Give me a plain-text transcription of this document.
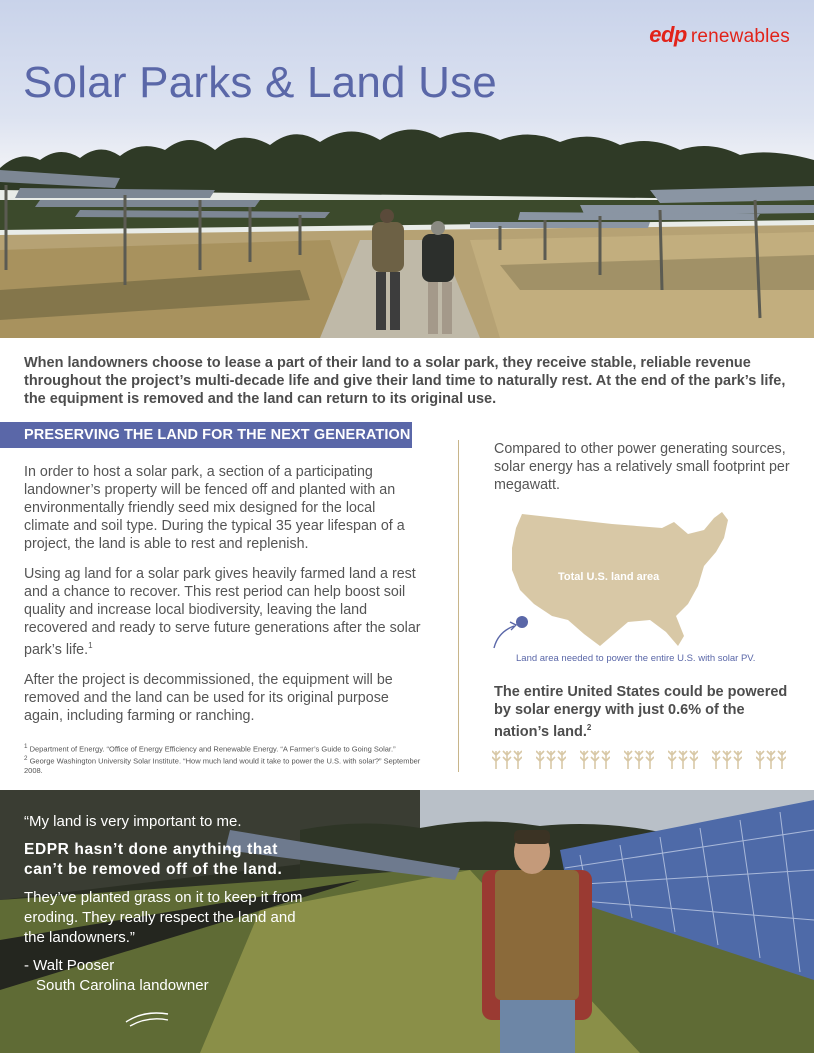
edp renewables
Solar Parks & Land Use

When landowners choose to lease a part of their land to a solar park, they receive stable, reliable revenue throughout the project’s multi-decade life and give their land time to naturally rest. At the end of the park’s life, the equipment is removed and the land can return to its original use.

PRESERVING THE LAND FOR THE NEXT GENERATION

In order to host a solar park, a section of a participating landowner’s property will be fenced off and planted with an environmentally friendly seed mix designed for the local climate and soil type. During the typical 35 year lifespan of a project, the land is able to rest and replenish.

Using ag land for a solar park gives heavily farmed land a rest and a chance to recover. This rest period can help boost soil quality and increase local biodiversity, leaving the land recovered and ready to serve future generations after the solar park’s life.$^1$

After the project is decommissioned, the equipment will be removed and the land can be used for its original purpose again, including farming or ranching.

$^1$ Department of Energy. “Office of Energy Efficiency and Renewable Energy. “A Farmer’s Guide to Going Solar.”
$^2$ George Washington University Solar Institute. “How much land would it take to power the U.S. with solar?” September 2008.

Compared to other power generating sources, solar energy has a relatively small footprint per megawatt.

Total U.S. land area
Land area needed to power the entire U.S. with solar PV.

The entire United States could be powered by solar energy with just 0.6% of the nation’s land.$^2$

“My land is very important to me.

EDPR hasn’t done anything that can’t be removed off of the land.

They’ve planted grass on it to keep it from eroding. They really respect the land and the landowners.”

- Walt Pooser
South Carolina landowner
